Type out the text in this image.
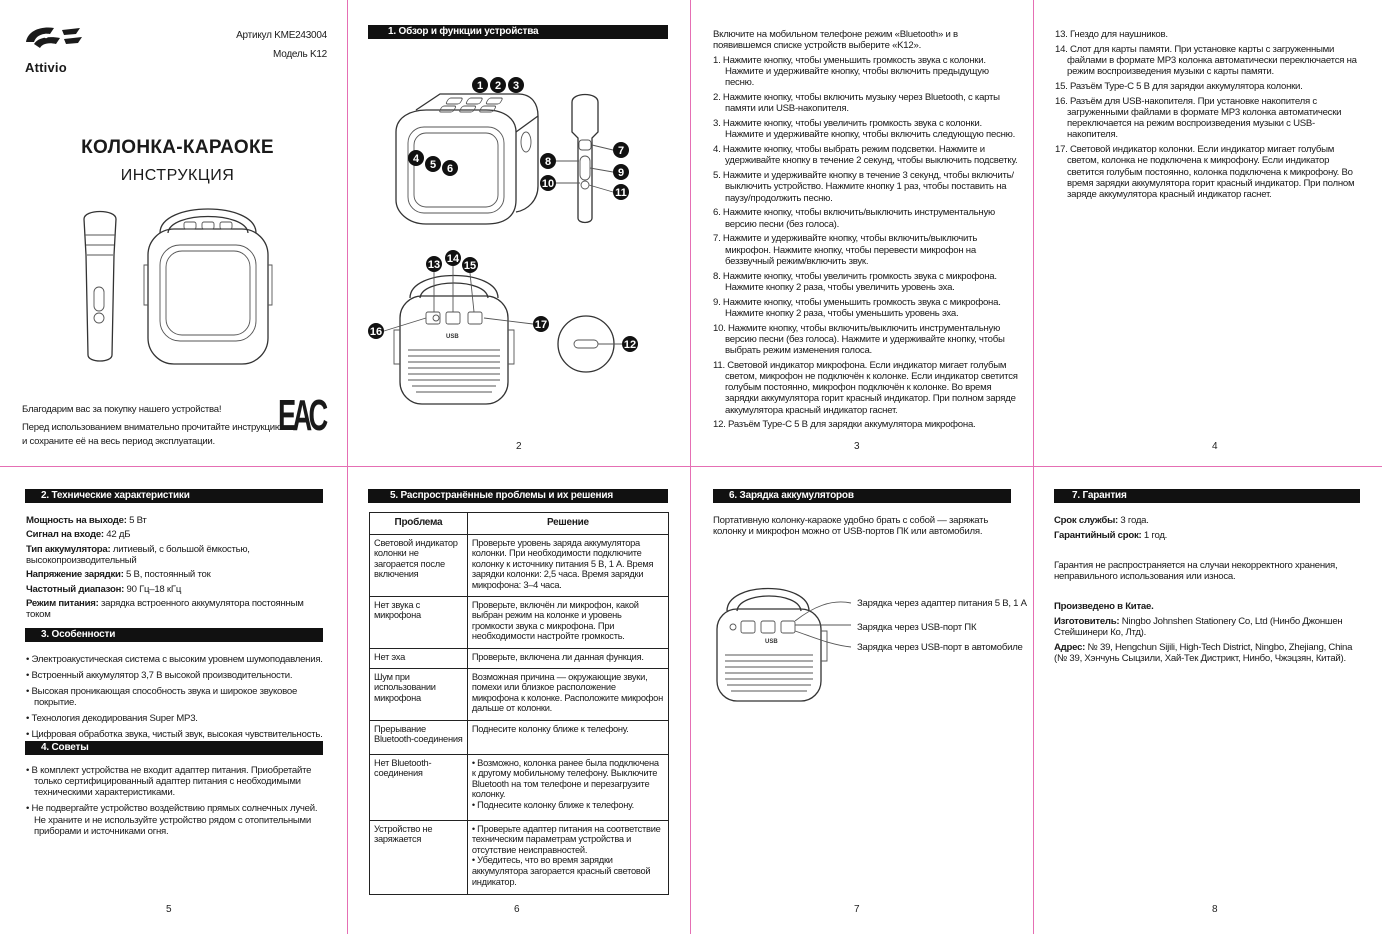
Attivio
Артикул KME243004
Модель K12
КОЛОНКА-КАРАОКЕ
ИНСТРУКЦИЯ
Благодарим вас за покупку нашего устройства!
Перед использованием внимательно прочитайте инструкцию
и сохраните её на весь период эксплуатации.
EAC
1. Обзор и функции устройства
1 2 3
4 5 6
7
8
9
10
11
USB
13 14
15
16
17
12
2
Включите на мобильном телефоне режим «Bluetooth» и в появившемся списке устройств выберите «K12».
1. Нажмите кнопку, чтобы уменьшить громкость звука с колонки. Нажмите и удерживайте кнопку, чтобы включить предыдущую песню.
2. Нажмите кнопку, чтобы включить музыку через Bluetooth, с карты памяти или USB-накопителя.
3. Нажмите кнопку, чтобы увеличить громкость звука с колонки. Нажмите и удерживайте кнопку, чтобы включить следующую песню.
4. Нажмите кнопку, чтобы выбрать режим подсветки. Нажмите и удерживайте кнопку в течение 2 секунд, чтобы выключить подсветку.
5. Нажмите и удерживайте кнопку в течение 3 секунд, чтобы включить/выключить устройство. Нажмите кнопку 1 раз, чтобы поставить на паузу/продолжить песню.
6. Нажмите кнопку, чтобы включить/выключить инструментальную версию песни (без голоса).
7. Нажмите и удерживайте кнопку, чтобы включить/выключить микрофон. Нажмите кнопку, чтобы перевести микрофон на беззвучный режим/включить звук.
8. Нажмите кнопку, чтобы увеличить громкость звука с микрофона. Нажмите кнопку 2 раза, чтобы увеличить уровень эха.
9. Нажмите кнопку, чтобы уменьшить громкость звука с микрофона. Нажмите кнопку 2 раза, чтобы уменьшить уровень эха.
10. Нажмите кнопку, чтобы включить/выключить инструментальную версию песни (без голоса). Нажмите и удерживайте кнопку, чтобы выбрать режим изменения голоса.
11. Световой индикатор микрофона. Если индикатор мигает голубым светом, микрофон не подключён к колонке. Если индикатор светится голубым постоянно, микрофон подключён к колонке. Во время зарядки аккумулятора горит красный индикатор. При полном заряде аккумулятора красный индикатор гаснет.
12. Разъём Type-C 5 В для зарядки аккумулятора микрофона.
3
13. Гнездо для наушников.
14. Слот для карты памяти. При установке карты с загруженными файлами в формате MP3 колонка автоматически переключается на режим воспроизведения музыки с карты памяти.
15. Разъём Type-C 5 В для зарядки аккумулятора колонки.
16. Разъём для USB-накопителя. При установке накопителя с загруженными файлами в формате MP3 колонка автоматически переключается на режим воспроизведения музыки с USB-накопителя.
17. Световой индикатор колонки. Если индикатор мигает голубым светом, колонка не подключена к микрофону. Если индикатор светится голубым постоянно, колонка подключена к микрофону. Во время зарядки аккумулятора горит красный индикатор. При полном заряде аккумулятора красный индикатор гаснет.
4
2. Технические характеристики

Мощность на выходе: 5 Вт

Сигнал на входе: 42 дБ

Тип аккумулятора: литиевый, с большой ёмкостью, высокопроизводительный

Напряжение зарядки: 5 В, постоянный ток

Частотный диапазон: 90 Гц–18 кГц

Режим питания: зарядка встроенного аккумулятора постоянным током

3. Особенности
• Электроакустическая система с высоким уровнем шумоподавления.
• Встроенный аккумулятор 3,7 В высокой производительности.
• Высокая проникающая способность звука и широкое звуковое покрытие.
• Технология декодирования Super MP3.
• Цифровая обработка звука, чистый звук, высокая чувствительность.
4. Советы
• В комплект устройства не входит адаптер питания. Приобретайте только сертифицированный адаптер питания с необходимыми техническими характеристиками.
• Не подвергайте устройство воздействию прямых солнечных лучей. Не храните и не используйте устройство рядом с отопительными приборами и источниками огня.
5
5. Распространённые проблемы и их решения
Проблема	Решение
Световой индикатор колонки не загорается после включения	Проверьте уровень заряда аккумулятора колонки. При необходимости подключите колонку к источнику питания 5 В, 1 А. Время зарядки колонки: 2,5 часа. Время зарядки микрофона: 3–4 часа.
Нет звука с микрофона	Проверьте, включён ли микрофон, какой выбран режим на колонке и уровень громкости звука с микрофона. При необходимости настройте громкость.
Нет эха	Проверьте, включена ли данная функция.
Шум при использовании микрофона	Возможная причина — окружающие звуки, помехи или близкое расположение микрофона к колонке. Расположите микрофон дальше от колонки.
Прерывание Bluetooth-соединения	Поднесите колонку ближе к телефону.
Нет Bluetooth-соединения	• Возможно, колонка ранее была подключена к другому мобильному телефону. Выключите Bluetooth на том телефоне и перезагрузите колонку.
• Поднесите колонку ближе к телефону.
Устройство не заряжается	• Проверьте адаптер питания на соответствие техническим параметрам устройства и отсутствие неисправностей.
• Убедитесь, что во время зарядки аккумулятора загорается красный световой индикатор.
6
6. Зарядка аккумуляторов
Портативную колонку-караоке удобно брать с собой — заряжать колонку и микрофон можно от USB-портов ПК или автомобиля.
USB
Зарядка через адаптер питания 5 В, 1 А
Зарядка через USB-порт ПК
Зарядка через USB-порт в автомобиле
7
7. Гарантия
Срок службы: 3 года.
Гарантийный срок: 1 год.
Гарантия не распространяется на случаи некорректного хранения, неправильного использования или износа.
Произведено в Китае.
Изготовитель: Ningbo Johnshen Stationery Co, Ltd (Нинбо Джоншен Стейшинери Ко, Лтд).
Адрес: № 39, Hengchun Sijili, High-Tech District, Ningbo, Zhejiang, China (№ 39, Хэнчунь Сыцзили, Хай-Тек Дистрикт, Нинбо, Чжэцзян, Китай).
8
